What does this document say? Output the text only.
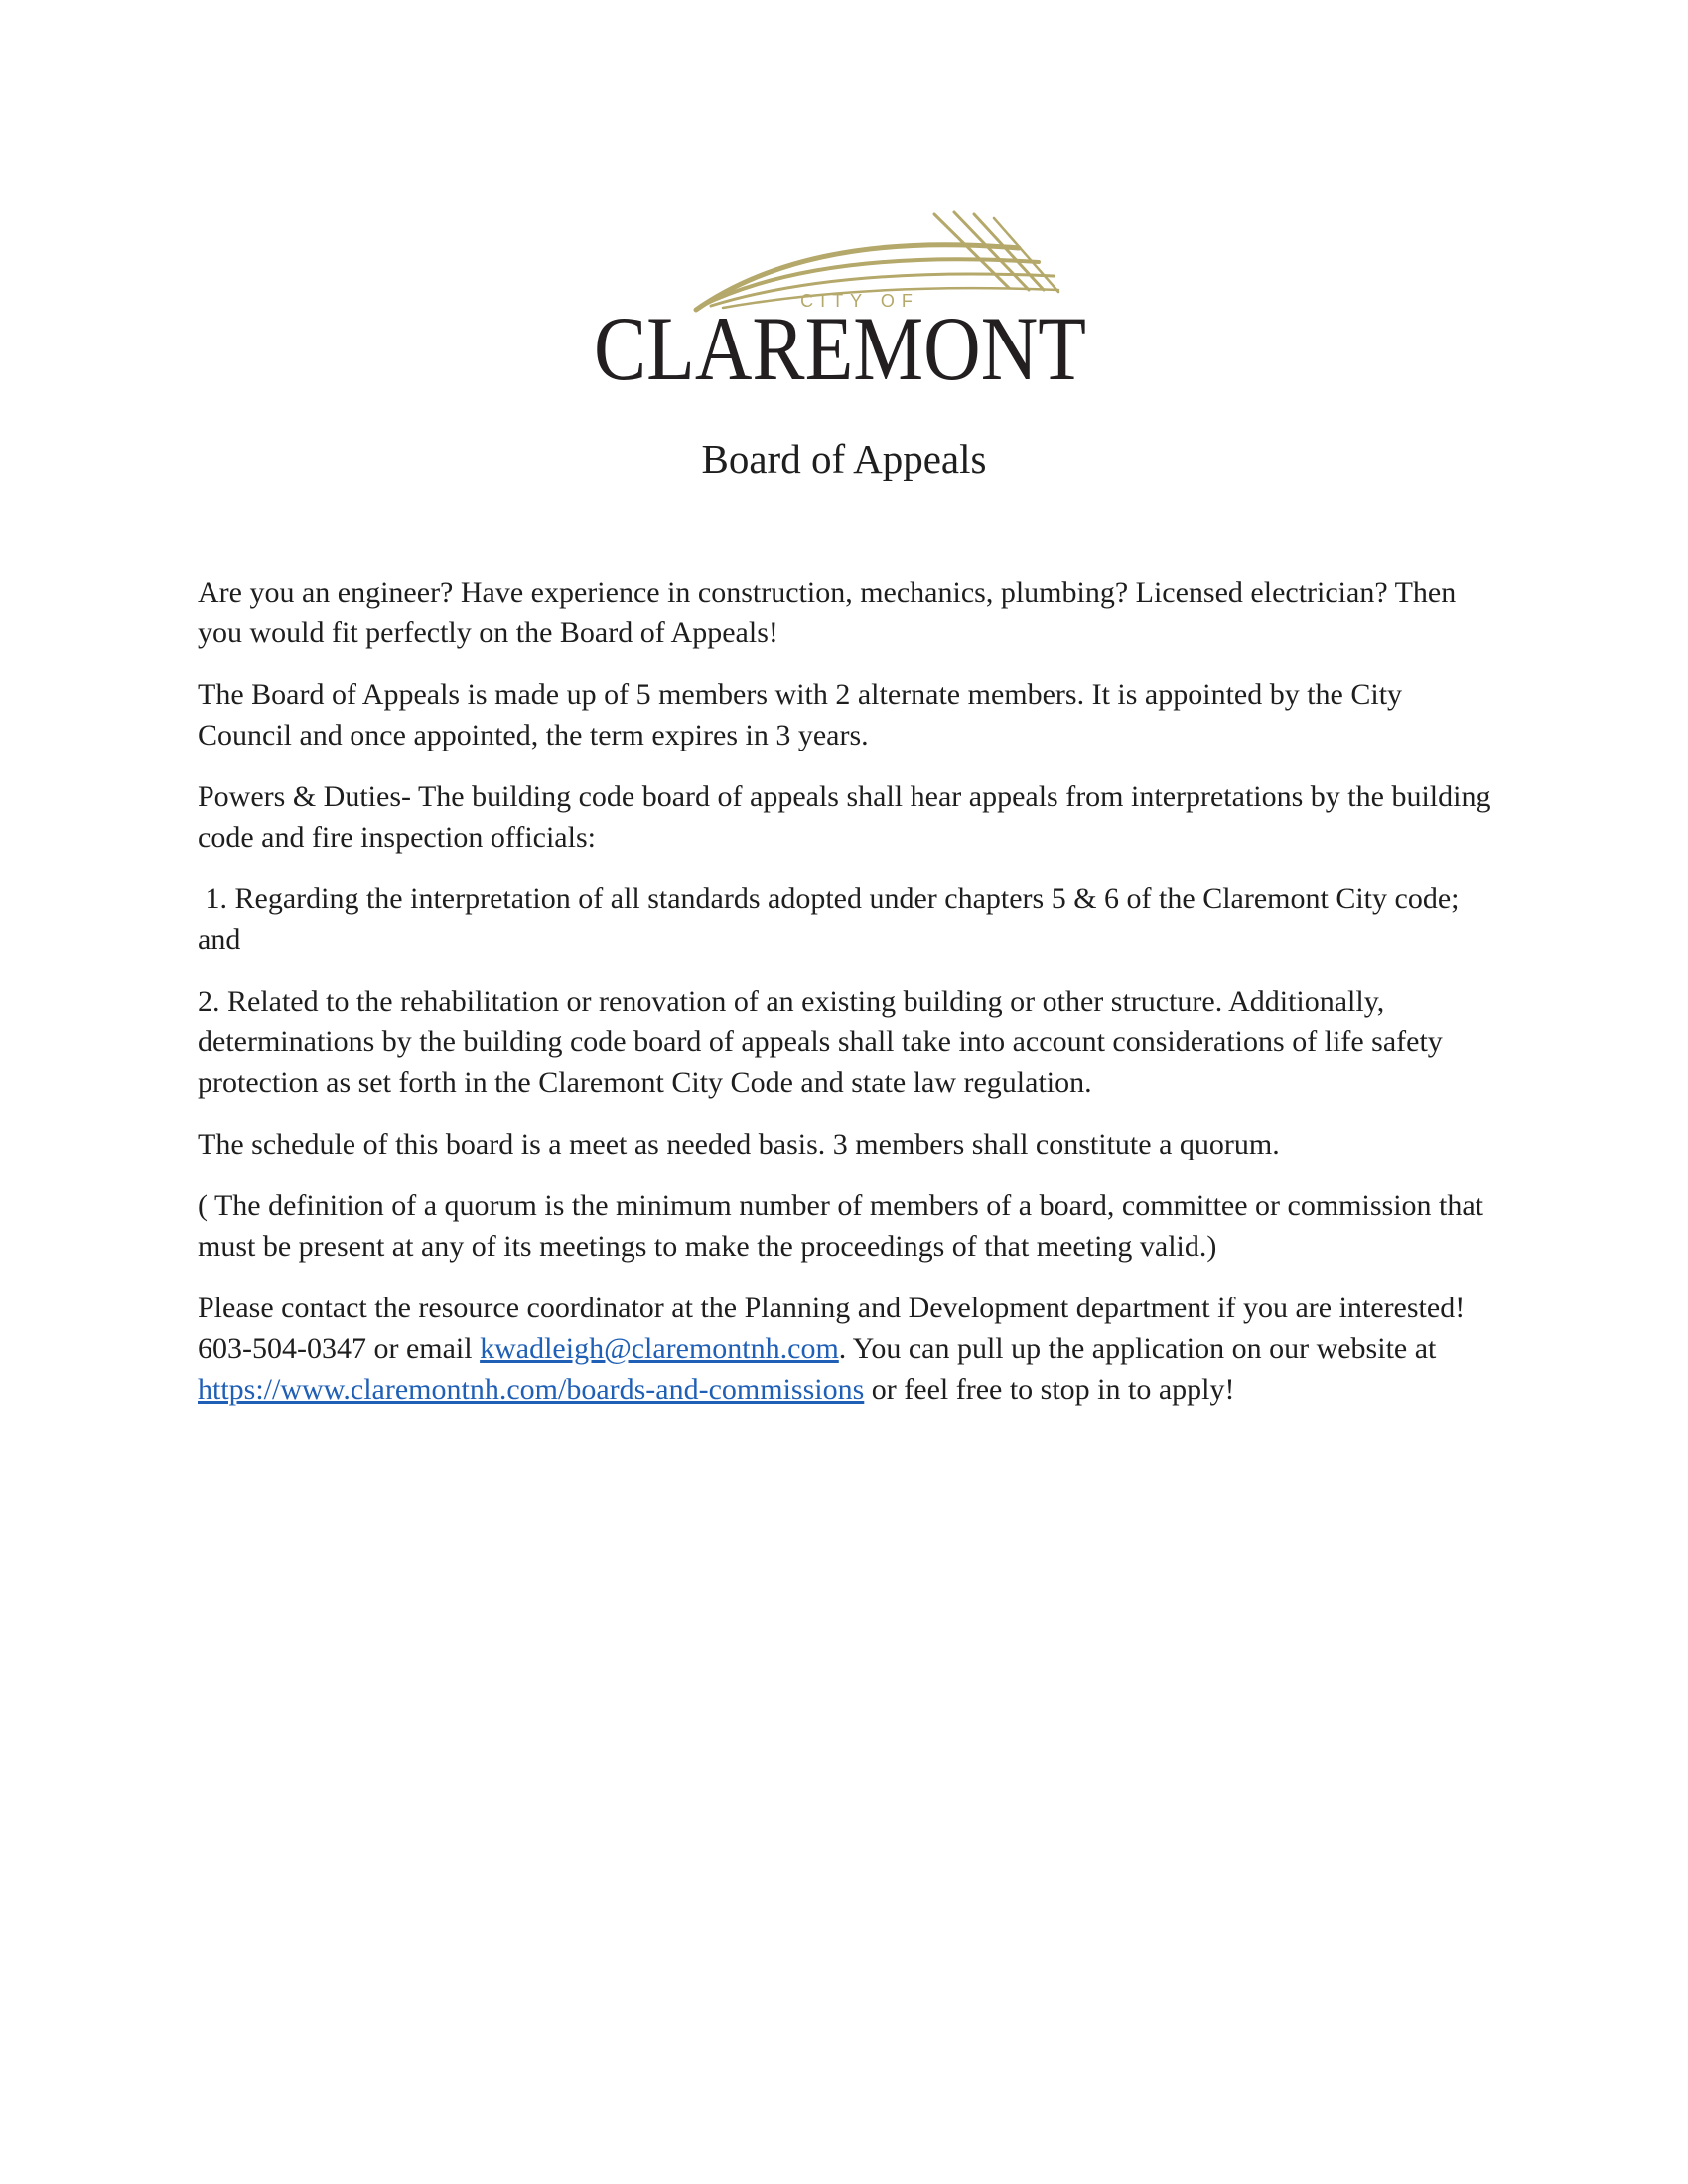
CITY OF
CLAREMONT
Board of Appeals

Are you an engineer? Have experience in construction, mechanics, plumbing? Licensed electrician? Then you would fit perfectly on the Board of Appeals!

The Board of Appeals is made up of 5 members with 2 alternate members. It is appointed by the City Council and once appointed, the term expires in 3 years.

Powers & Duties- The building code board of appeals shall hear appeals from interpretations by the building code and fire inspection officials:

1. Regarding the interpretation of all standards adopted under chapters 5 & 6 of the Claremont City code; and

2. Related to the rehabilitation or renovation of an existing building or other structure. Additionally, determinations by the building code board of appeals shall take into account considerations of life safety protection as set forth in the Claremont City Code and state law regulation.

The schedule of this board is a meet as needed basis. 3 members shall constitute a quorum.

( The definition of a quorum is the minimum number of members of a board, committee or commission that must be present at any of its meetings to make the proceedings of that meeting valid.)

Please contact the resource coordinator at the Planning and Development department if you are interested! 603-504-0347 or email kwadleigh@claremontnh.com. You can pull up the application on our website at https://www.claremontnh.com/boards-and-commissions or feel free to stop in to apply!
